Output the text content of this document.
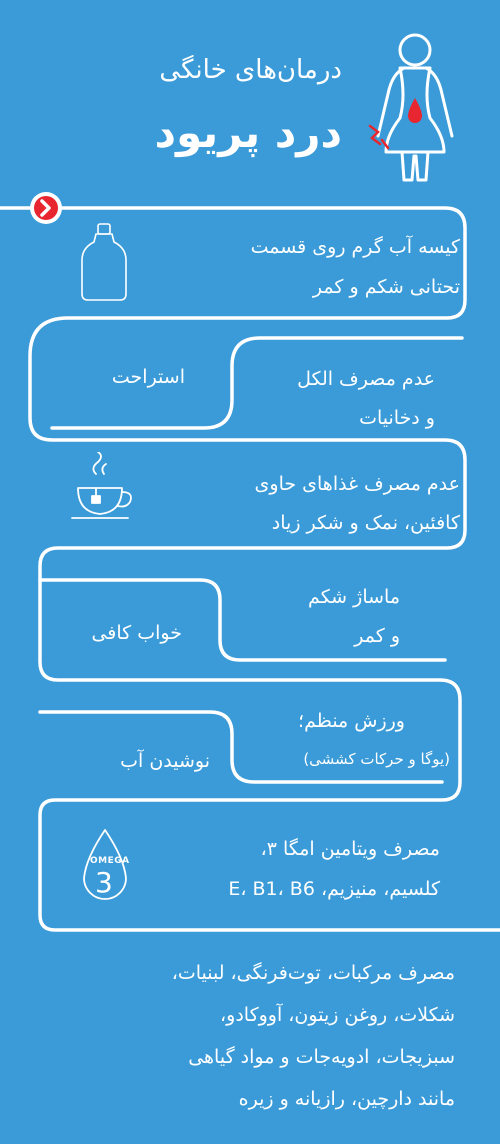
درمان‌های خانگی
درد پریود
کیسه آب گرم روی قسمت
تحتانی شکم و کمر
عدم مصرف الکل
و دخانیات
استراحت
عدم مصرف غذاهای حاوی
کافئین، نمک و شکر زیاد
ماساژ شکم
و کمر
خواب کافی
ورزش منظم؛
(یوگا و حرکات کششی)
نوشیدن آب
OMEGA
3
مصرف ویتامین امگا ۳،
کلسیم، منیزیم، E، B1، B6
مصرف مرکبات، توت‌فرنگی، لبنیات،
شکلات، روغن زیتون، آووکادو،
سبزیجات، ادویه‌جات و مواد گیاهی
مانند دارچین، رازیانه و زیره
